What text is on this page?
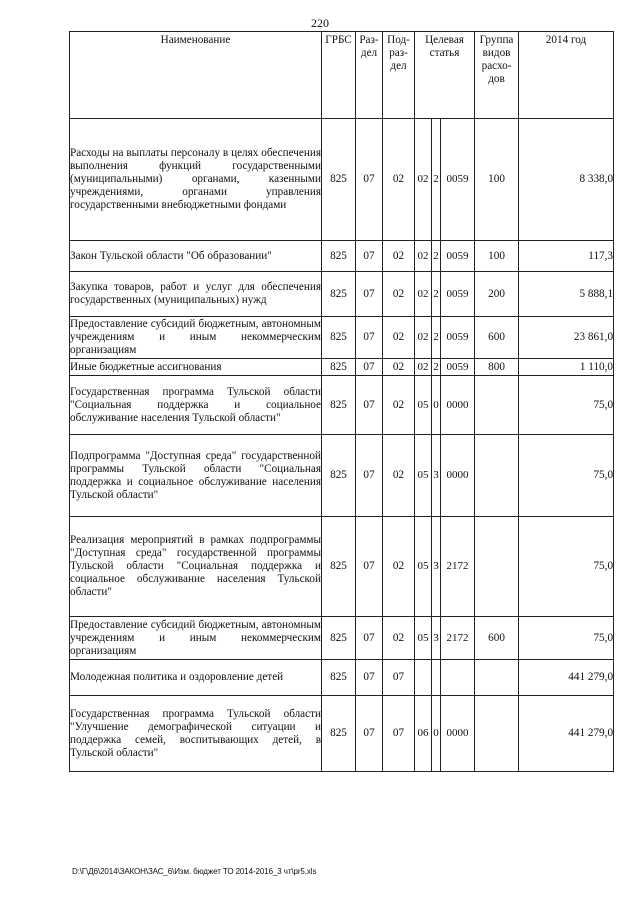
220
Наименование	ГРБС	Раз-дел	Под-раз-дел	Целевая статья			Группа видов расхо-дов	2014 год

Расходы на выплаты персоналу в целях обеспечения выполнения функций государственными (муниципальными) органами, казенными учреждениями, органами управления государственными внебюджетными фондами	825	07	02	02	2	0059	100	8 338,0
Закон Тульской области "Об образовании"	825	07	02	02	2	0059	100	117,3
Закупка товаров, работ и услуг для обеспечения государственных (муниципальных) нужд	825	07	02	02	2	0059	200	5 888,1
Предоставление субсидий бюджетным, автономным учреждениям и иным некоммерческим организациям	825	07	02	02	2	0059	600	23 861,0
Иные бюджетные ассигнования	825	07	02	02	2	0059	800	1 110,0
Государственная программа Тульской области "Социальная поддержка и социальное обслуживание населения Тульской области"	825	07	02	05	0	0000		75,0
Подпрограмма "Доступная среда" государственной программы Тульской области "Социальная поддержка и социальное обслуживание населения Тульской области"	825	07	02	05	3	0000		75,0
Реализация мероприятий в рамках подпрограммы "Доступная среда" государственной программы Тульской области "Социальная поддержка и социальное обслуживание населения Тульской области"	825	07	02	05	3	2172		75,0
Предоставление субсидий бюджетным, автономным учреждениям и иным некоммерческим организациям	825	07	02	05	3	2172	600	75,0
Молодежная политика и оздоровление детей	825	07	07					441 279,0
Государственная программа Тульской области "Улучшение демографической ситуации и поддержка семей, воспитывающих детей, в Тульской области"	825	07	07	06	0	0000		441 279,0
D:\Г\Д6\2014\ЗАКОН\ЗАС_6\Изм. бюджет ТО 2014-2016_3 чт\pr5.xls
